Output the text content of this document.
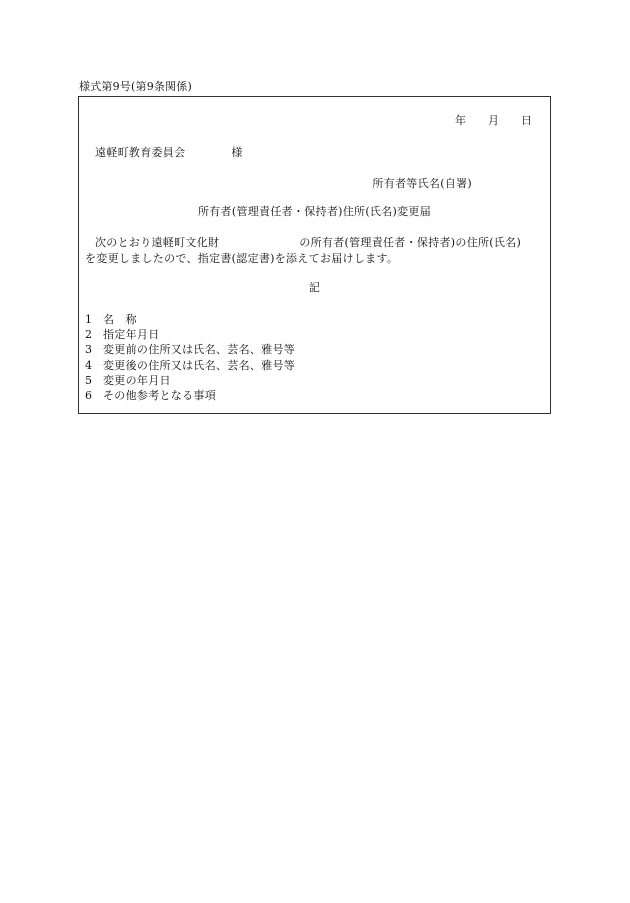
様式第9号(第9条関係)
年 月 日
遠軽町教育委員会	様
所有者等氏名(自署)
所有者(管理責任者・保持者)住所(氏名)変更届
次のとおり遠軽町文化財	の所有者(管理責任者・保持者)の住所(氏名)
を変更しましたので、指定書(認定書)を添えてお届けします。
記
1 名　称
2 指定年月日
3 変更前の住所又は氏名、芸名、雅号等
4 変更後の住所又は氏名、芸名、雅号等
5 変更の年月日
6 その他参考となる事項
